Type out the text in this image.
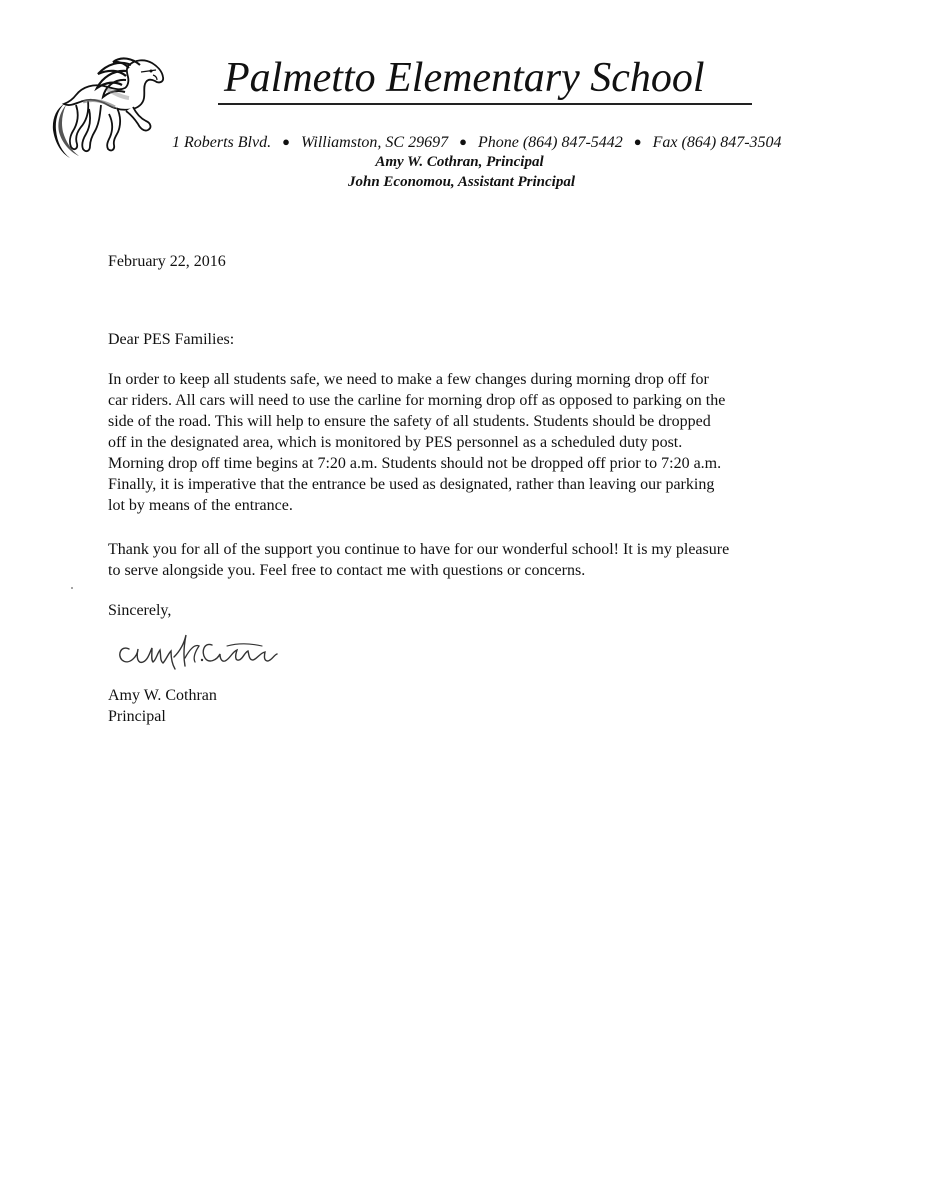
Palmetto Elementary School
1 Roberts Blvd. ● Williamston, SC 29697 ● Phone (864) 847-5442 ● Fax (864) 847-3504
Amy W. Cothran, Principal
John Economou, Assistant Principal
February 22, 2016
Dear PES Families:
In order to keep all students safe, we need to make a few changes during morning drop off for
car riders. All cars will need to use the carline for morning drop off as opposed to parking on the
side of the road. This will help to ensure the safety of all students. Students should be dropped
off in the designated area, which is monitored by PES personnel as a scheduled duty post.
Morning drop off time begins at 7:20 a.m. Students should not be dropped off prior to 7:20 a.m.
Finally, it is imperative that the entrance be used as designated, rather than leaving our parking
lot by means of the entrance.
Thank you for all of the support you continue to have for our wonderful school! It is my pleasure
to serve alongside you. Feel free to contact me with questions or concerns.
Sincerely,
Amy W. Cothran
Principal
